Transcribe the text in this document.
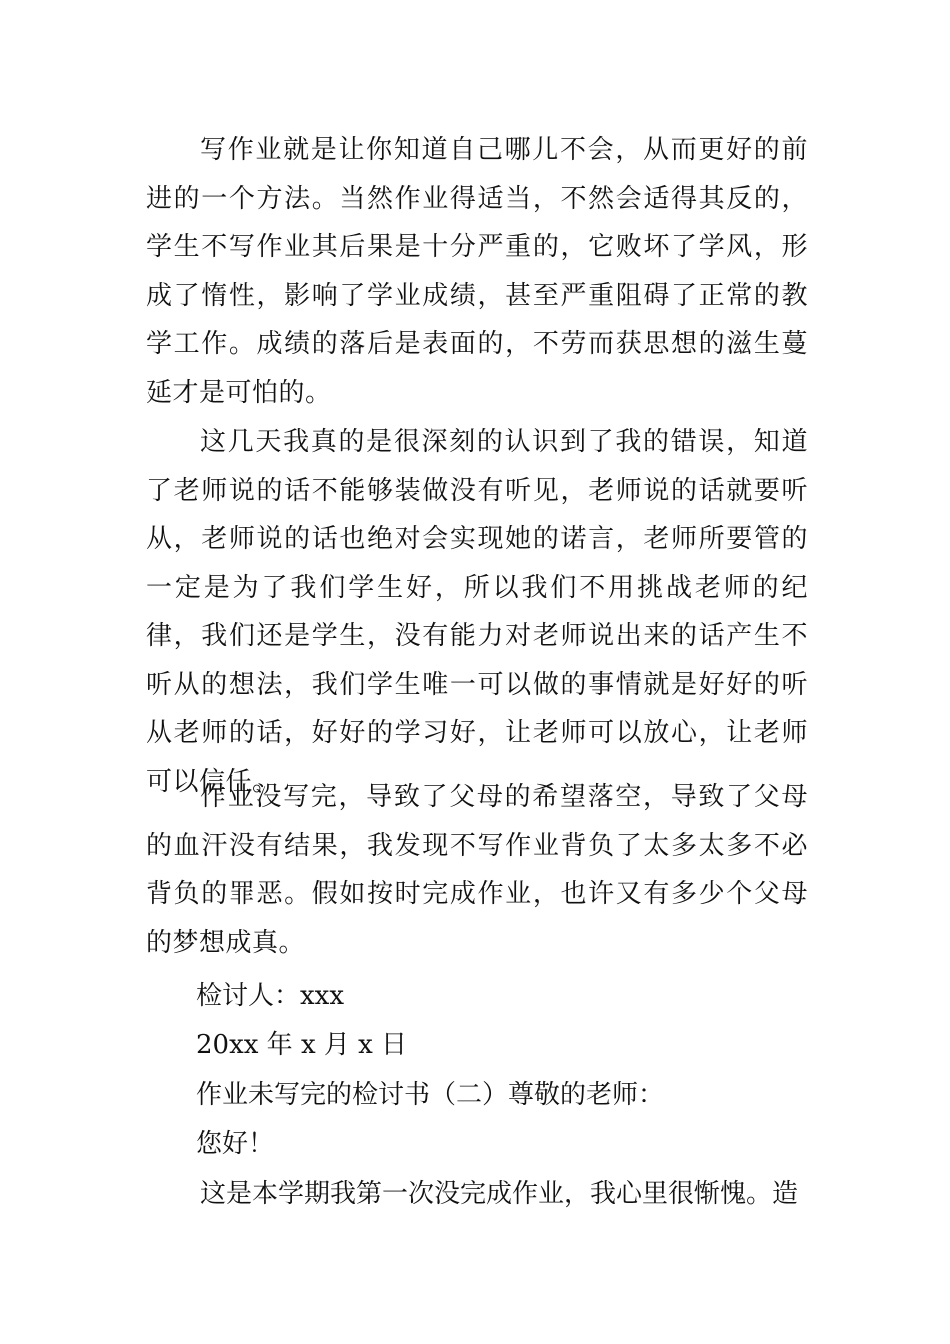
写作业就是让你知道自己哪儿不会，从而更好的前进的一个方法。当然作业得适当，不然会适得其反的，学生不写作业其后果是十分严重的，它败坏了学风，形成了惰性，影响了学业成绩，甚至严重阻碍了正常的教学工作。成绩的落后是表面的，不劳而获思想的滋生蔓延才是可怕的。

这几天我真的是很深刻的认识到了我的错误，知道了老师说的话不能够装做没有听见，老师说的话就要听从，老师说的话也绝对会实现她的诺言，老师所要管的一定是为了我们学生好，所以我们不用挑战老师的纪律，我们还是学生，没有能力对老师说出来的话产生不听从的想法，我们学生唯一可以做的事情就是好好的听从老师的话，好好的学习好，让老师可以放心，让老师可以信任。

作业没写完，导致了父母的希望落空，导致了父母的血汗没有结果，我发现不写作业背负了太多太多不必背负的罪恶。假如按时完成作业，也许又有多少个父母的梦想成真。

检讨人：xxx

20xx 年 x 月 x 日

作业未写完的检讨书（二）尊敬的老师：

您好！

这是本学期我第一次没完成作业，我心里很惭愧。造
